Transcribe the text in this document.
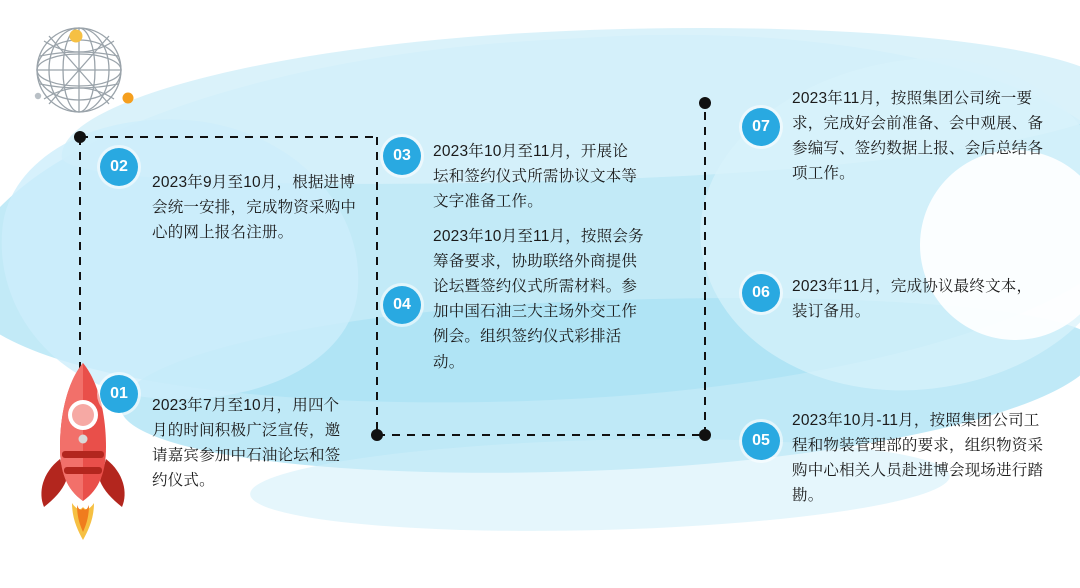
01
2023年7月至10月，用四个月的时间积极广泛宣传，邀请嘉宾参加中石油论坛和签约仪式。
02
2023年9月至10月，根据进博会统一安排，完成物资采购中心的网上报名注册。
03	2023年10月至11月，开展论坛和签约仪式所需协议文本等文字准备工作。
04
2023年10月至11月，按照会务筹备要求，协助联络外商提供论坛暨签约仪式所需材料。参加中国石油三大主场外交工作例会。组织签约仪式彩排活动。
05
2023年10月-11月，按照集团公司工程和物装管理部的要求，组织物资采购中心相关人员赴进博会现场进行踏勘。
06	2023年11月，完成协议最终文本，装订备用。
07
2023年11月，按照集团公司统一要求，完成好会前准备、会中观展、备参编写、签约数据上报、会后总结各项工作。
